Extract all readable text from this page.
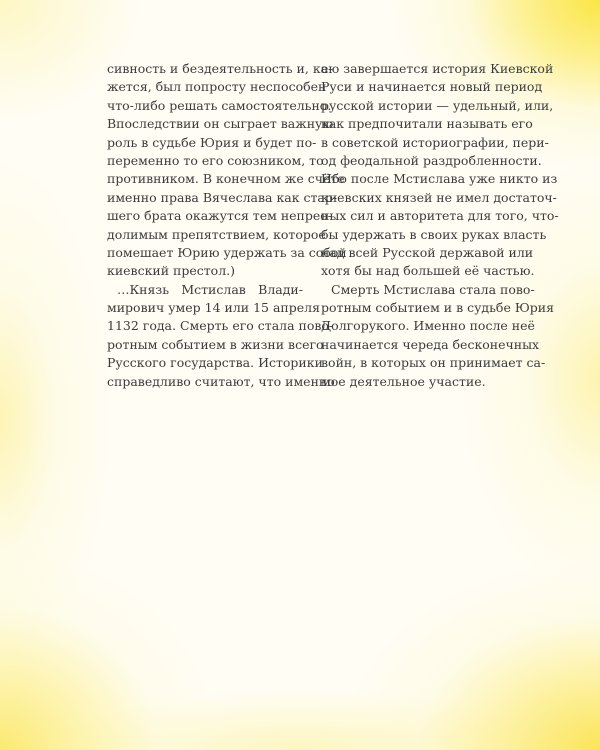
сивность и бездеятельность и, ка-
жется, был попросту неспособен
что-либо решать самостоятельно.
Впоследствии он сыграет важную
роль в судьбе Юрия и будет по-
переменно то его союзником, то
противником. В конечном же счёте
именно права Вячеслава как стар-
шего брата окажутся тем непрео-
долимым препятствием, которое
помешает Юрию удержать за собой
киевский престол.)
…Князь Мстислав Влади-
мирович умер 14 или 15 апреля
1132 года. Смерть его стала пово-
ротным событием в жизни всего
Русского государства. Историки
справедливо считают, что именно
ею завершается история Киевской
Руси и начинается новый период
русской истории — удельный, или,
как предпочитали называть его
в советской историографии, пери-
од феодальной раздробленности.
Ибо после Мстислава уже никто из
киевских князей не имел достаточ-
ных сил и авторитета для того, что-
бы удержать в своих руках власть
над всей Русской державой или
хотя бы над большей её частью.
Смерть Мстислава стала пово-
ротным событием и в судьбе Юрия
Долгорукого. Именно после неё
начинается череда бесконечных
войн, в которых он принимает са-
мое деятельное участие.
